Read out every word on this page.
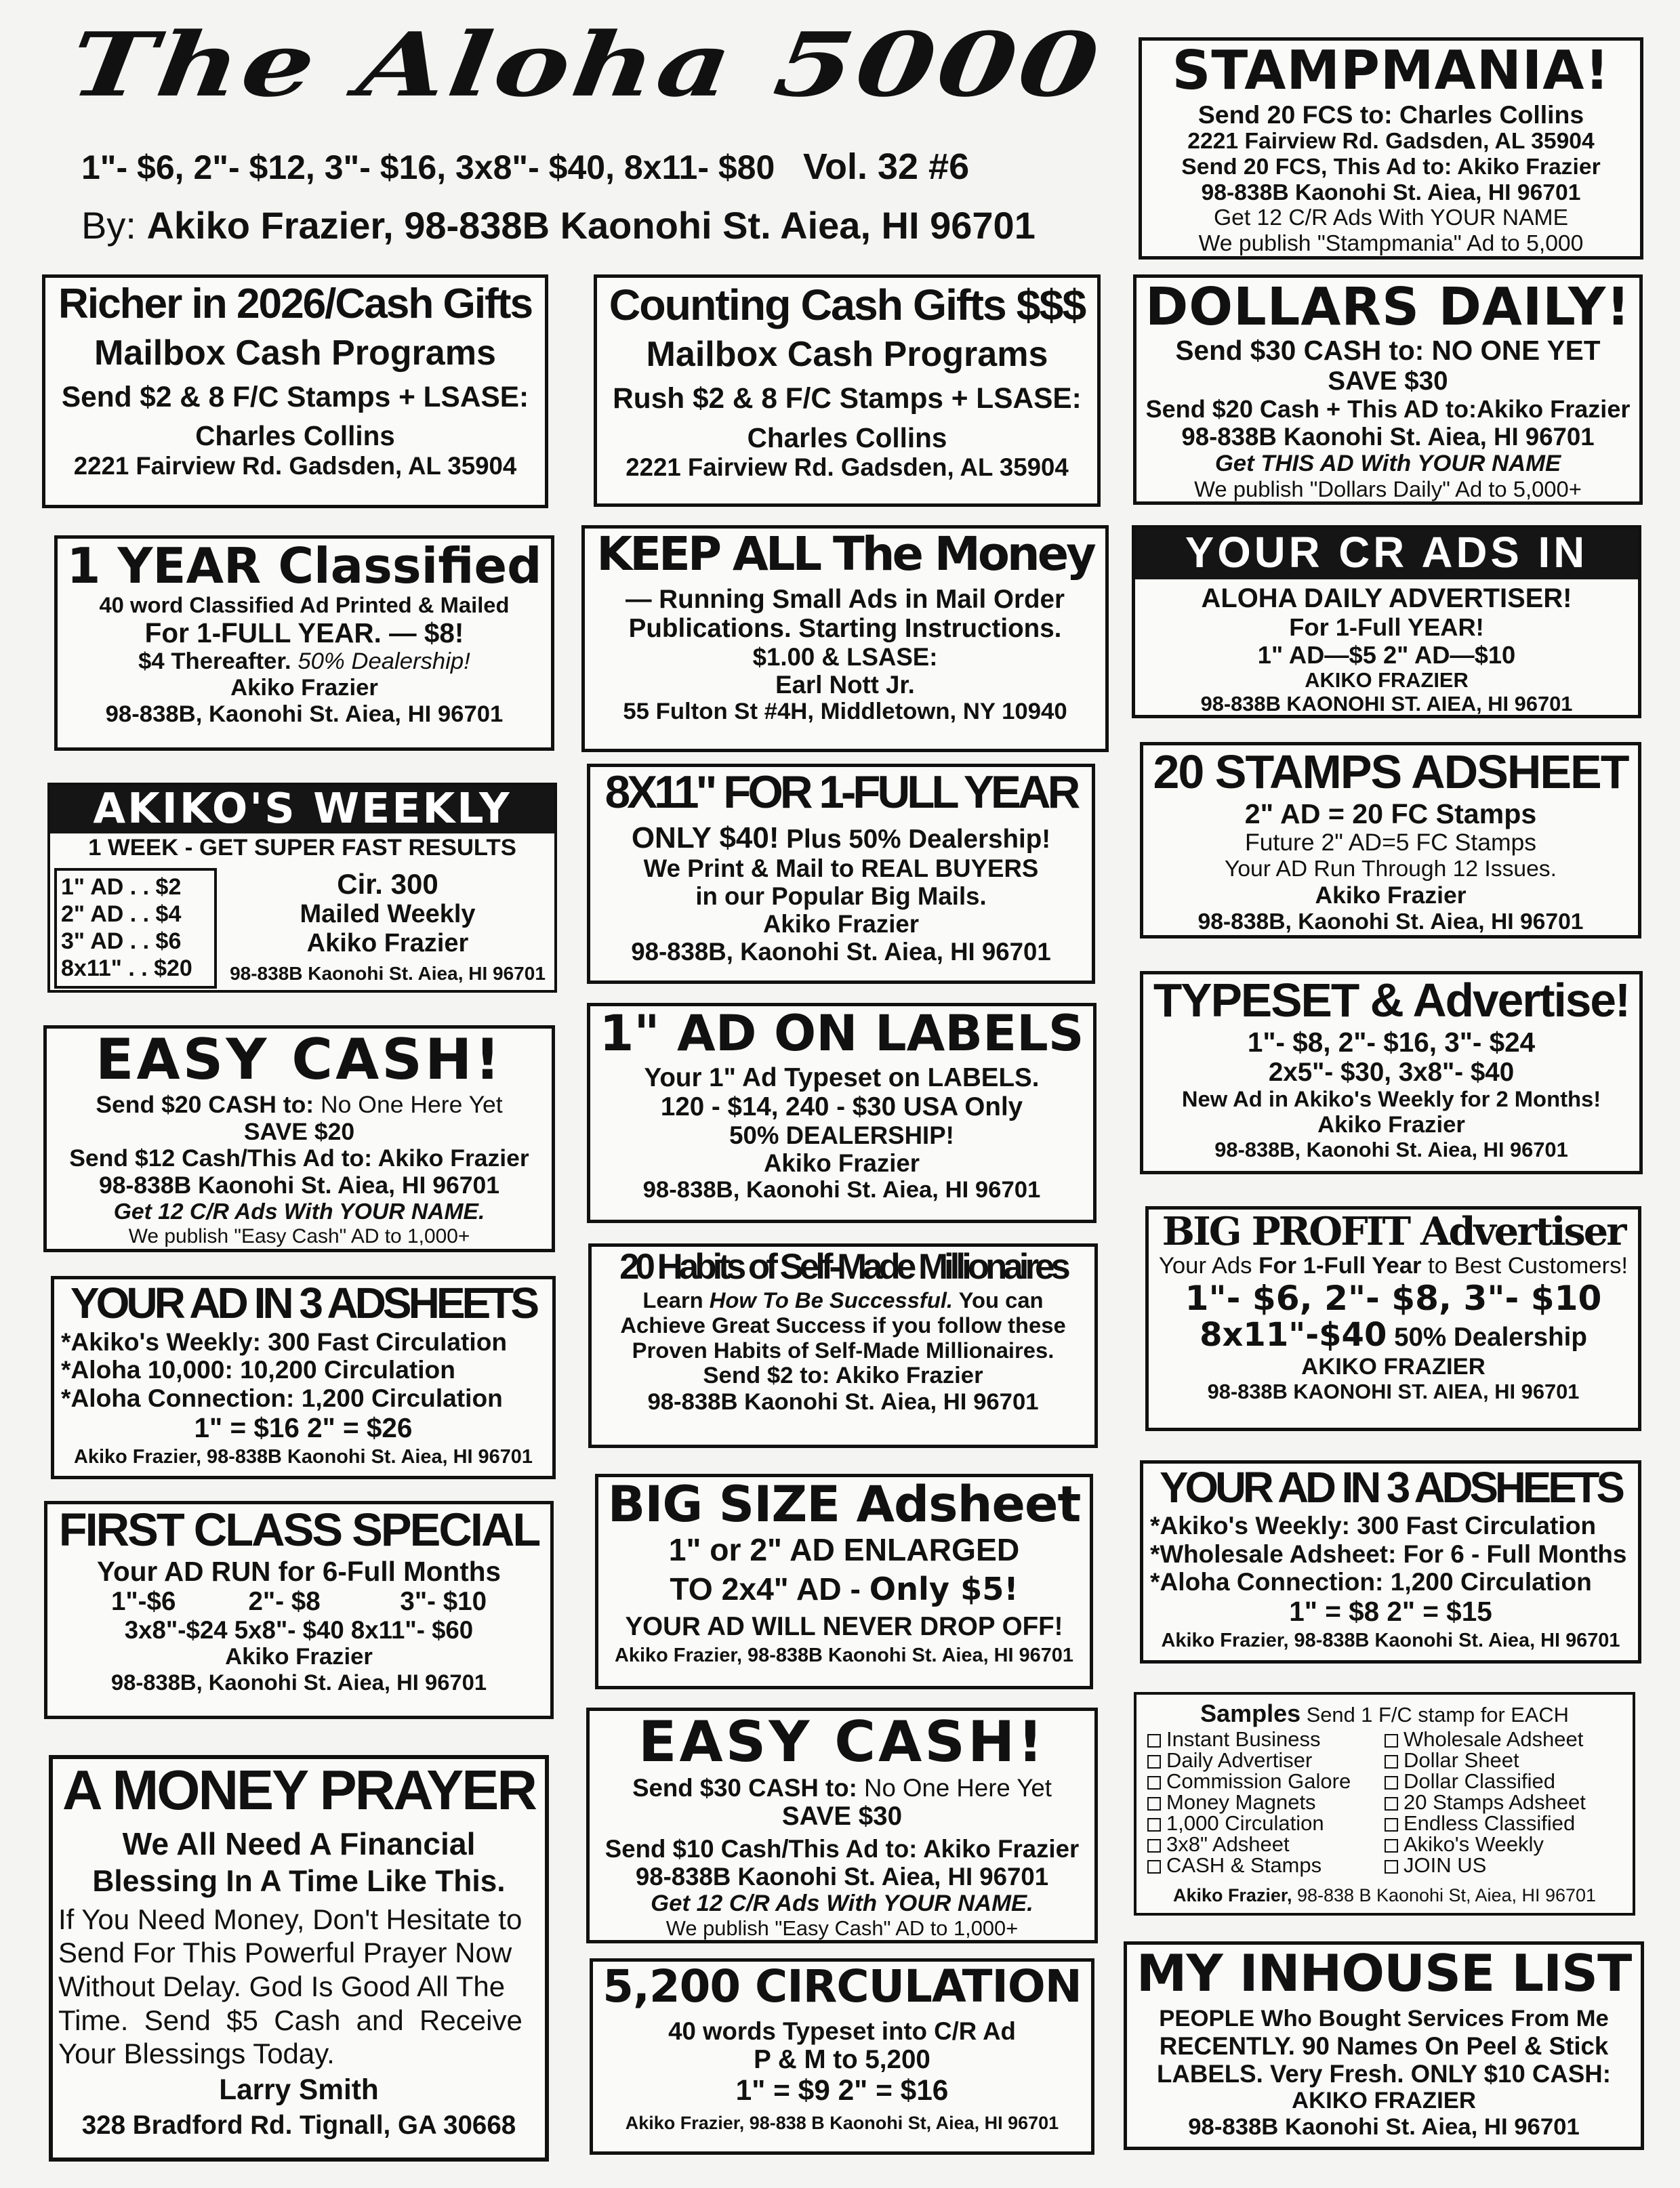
The Aloha 5000
1"- $6, 2"- $12, 3"- $16, 3x8"- $40, 8x11- $80 Vol. 32 #6
By: Akiko Frazier, 98-838B Kaonohi St. Aiea, HI 96701
STAMPMANIA!
Send 20 FCS to: Charles Collins
2221 Fairview Rd. Gadsden, AL 35904
Send 20 FCS, This Ad to: Akiko Frazier
98-838B Kaonohi St. Aiea, HI 96701
Get 12 C/R Ads With YOUR NAME
We publish "Stampmania" Ad to 5,000
Richer in 2026/Cash Gifts
Mailbox Cash Programs
Send $2 & 8 F/C Stamps + LSASE:
Charles Collins
2221 Fairview Rd. Gadsden, AL 35904
Counting Cash Gifts $$$
Mailbox Cash Programs
Rush $2 & 8 F/C Stamps + LSASE:
Charles Collins
2221 Fairview Rd. Gadsden, AL 35904
DOLLARS DAILY!
Send $30 CASH to: NO ONE YET
SAVE $30
Send $20 Cash + This AD to:Akiko Frazier
98-838B Kaonohi St. Aiea, HI 96701
Get THIS AD With YOUR NAME
We publish "Dollars Daily" Ad to 5,000+
1 YEAR Classified
40 word Classified Ad Printed & Mailed
For 1-FULL YEAR. — $8!
$4 Thereafter. 50% Dealership!
Akiko Frazier
98-838B, Kaonohi St. Aiea, HI 96701
KEEP ALL The Money
— Running Small Ads in Mail Order
Publications. Starting Instructions.
$1.00 & LSASE:
Earl Nott Jr.
55 Fulton St #4H, Middletown, NY 10940
YOUR CR ADS IN
ALOHA DAILY ADVERTISER!
For 1-Full YEAR!
1" AD—$5 2" AD—$10
AKIKO FRAZIER
98-838B KAONOHI ST. AIEA, HI 96701
AKIKO'S WEEKLY
1 WEEK - GET SUPER FAST RESULTS
1" AD . . $2
2" AD . . $4
3" AD . . $6
8x11" . . $20
Cir. 300
Mailed Weekly
Akiko Frazier
98-838B Kaonohi St. Aiea, HI 96701
8X11" FOR 1-FULL YEAR
ONLY $40! Plus 50% Dealership!
We Print & Mail to REAL BUYERS
in our Popular Big Mails.
Akiko Frazier
98-838B, Kaonohi St. Aiea, HI 96701
20 STAMPS ADSHEET
2" AD = 20 FC Stamps
Future 2" AD=5 FC Stamps
Your AD Run Through 12 Issues.
Akiko Frazier
98-838B, Kaonohi St. Aiea, HI 96701
EASY CASH!
Send $20 CASH to: No One Here Yet
SAVE $20
Send $12 Cash/This Ad to: Akiko Frazier
98-838B Kaonohi St. Aiea, HI 96701
Get 12 C/R Ads With YOUR NAME.
We publish "Easy Cash" AD to 1,000+
1" AD ON LABELS
Your 1" Ad Typeset on LABELS.
120 - $14, 240 - $30 USA Only
50% DEALERSHIP!
Akiko Frazier
98-838B, Kaonohi St. Aiea, HI 96701
TYPESET & Advertise!
1"- $8, 2"- $16, 3"- $24
2x5"- $30, 3x8"- $40
New Ad in Akiko's Weekly for 2 Months!
Akiko Frazier
98-838B, Kaonohi St. Aiea, HI 96701
YOUR AD IN 3 ADSHEETS
*Akiko's Weekly: 300 Fast Circulation
*Aloha 10,000: 10,200 Circulation
*Aloha Connection: 1,200 Circulation
1" = $16 2" = $26
Akiko Frazier, 98-838B Kaonohi St. Aiea, HI 96701
20 Habits of Self-Made Millionaires
Learn How To Be Successful. You can
Achieve Great Success if you follow these
Proven Habits of Self-Made Millionaires.
Send $2 to: Akiko Frazier
98-838B Kaonohi St. Aiea, HI 96701
BIG PROFIT Advertiser
Your Ads For 1-Full Year to Best Customers!
1"- $6, 2"- $8, 3"- $10
8x11"-$40 50% Dealership
AKIKO FRAZIER
98-838B KAONOHI ST. AIEA, HI 96701
FIRST CLASS SPECIAL
Your AD RUN for 6-Full Months
1"-$6          2"- $8           3"- $10
3x8"-$24 5x8"- $40 8x11"- $60
Akiko Frazier
98-838B, Kaonohi St. Aiea, HI 96701
BIG SIZE Adsheet
1" or 2" AD ENLARGED
TO 2x4" AD - Only $5!
YOUR AD WILL NEVER DROP OFF!
Akiko Frazier, 98-838B Kaonohi St. Aiea, HI 96701
YOUR AD IN 3 ADSHEETS
*Akiko's Weekly: 300 Fast Circulation
*Wholesale Adsheet: For 6 - Full Months
*Aloha Connection: 1,200 Circulation
1" = $8 2" = $15
Akiko Frazier, 98-838B Kaonohi St. Aiea, HI 96701
A MONEY PRAYER
We All Need A Financial
Blessing In A Time Like This.
If You Need Money, Don't Hesitate to
Send For This Powerful Prayer Now
Without Delay. God Is Good All The
Time.  Send  $5  Cash  and  Receive
Your Blessings Today.
Larry Smith
328 Bradford Rd. Tignall, GA 30668
EASY CASH!
Send $30 CASH to: No One Here Yet
SAVE $30
Send $10 Cash/This Ad to: Akiko Frazier
98-838B Kaonohi St. Aiea, HI 96701
Get 12 C/R Ads With YOUR NAME.
We publish "Easy Cash" AD to 1,000+
Samples Send 1 F/C stamp for EACH
Instant Business
Daily Advertiser
Commission Galore
Money Magnets
1,000 Circulation
3x8" Adsheet
CASH & Stamps
Wholesale Adsheet
Dollar Sheet
Dollar Classified
20 Stamps Adsheet
Endless Classified
Akiko's Weekly
JOIN US
Akiko Frazier, 98-838 B Kaonohi St, Aiea, HI 96701
5,200 CIRCULATION
40 words Typeset into C/R Ad
P & M to 5,200
1" = $9 2" = $16
Akiko Frazier, 98-838 B Kaonohi St, Aiea, HI 96701
MY INHOUSE LIST
PEOPLE Who Bought Services From Me
RECENTLY. 90 Names On Peel & Stick
LABELS. Very Fresh. ONLY $10 CASH:
AKIKO FRAZIER
98-838B Kaonohi St. Aiea, HI 96701
